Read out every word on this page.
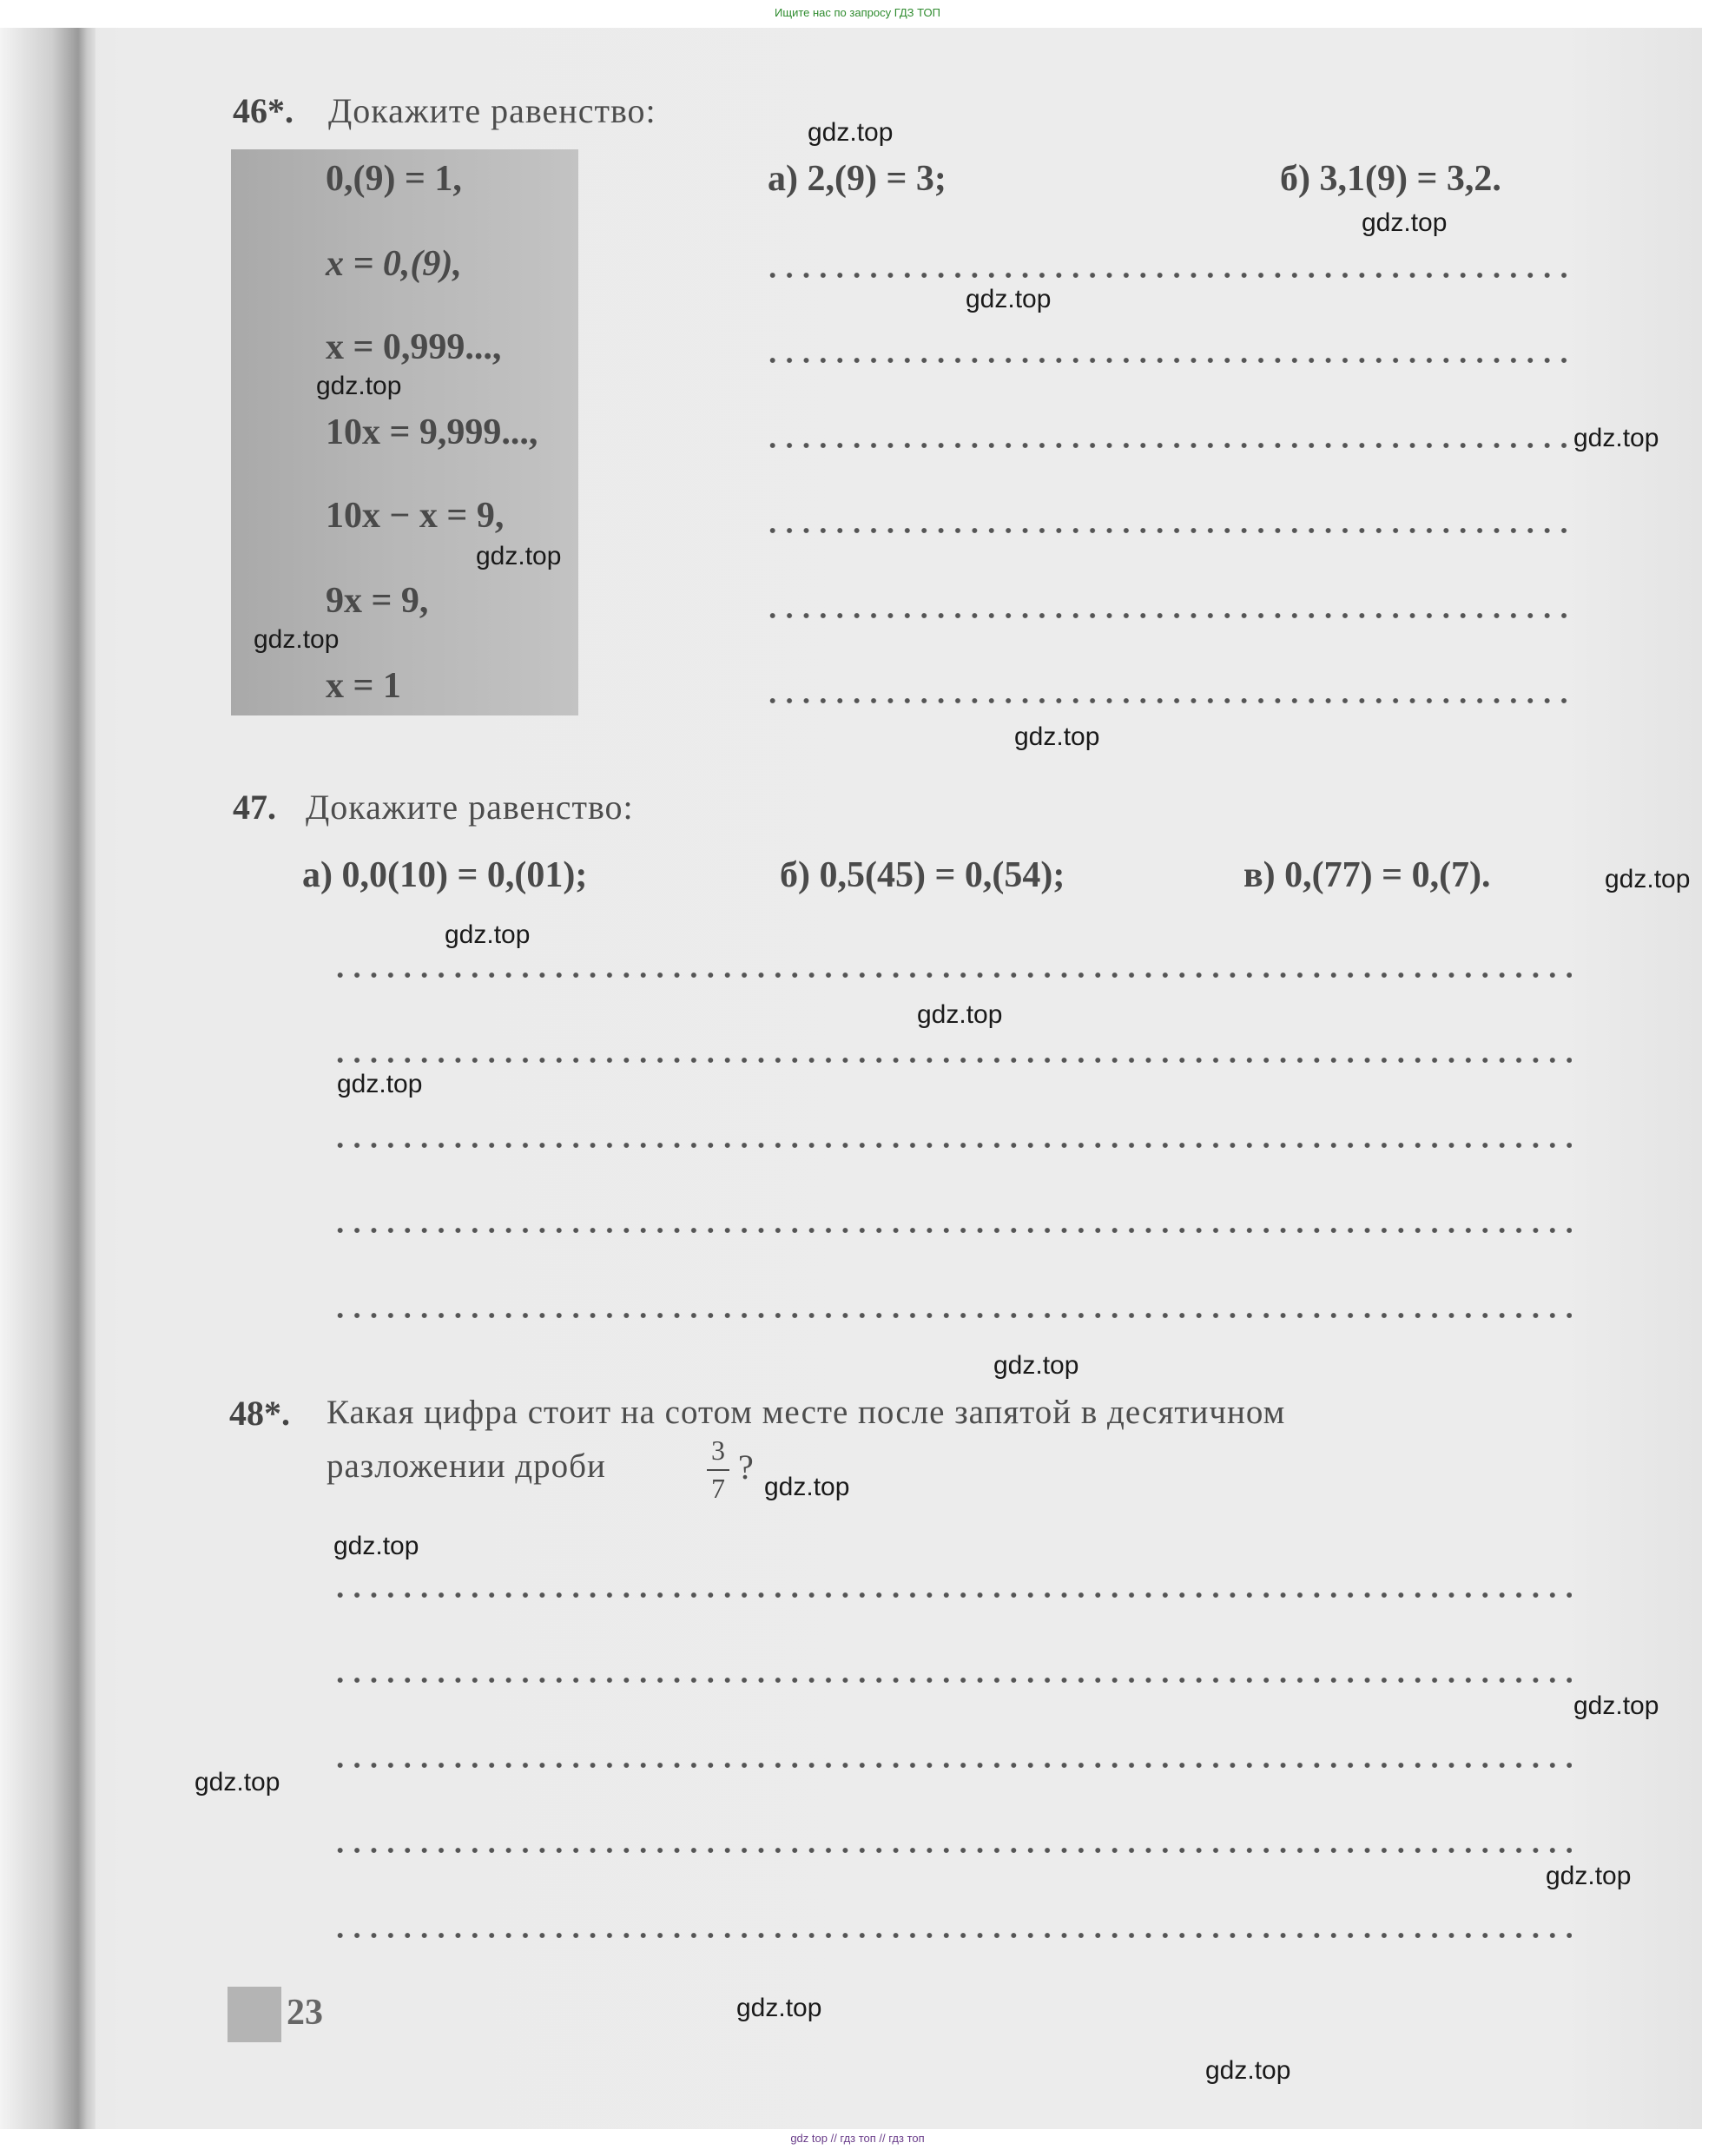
Ищите нас по запросу ГДЗ ТОП
46*. Докажите равенство:
0,(9) = 1,
x = 0,(9),
x = 0,999...,
10x = 9,999...,
10x − x = 9,
9x = 9,
x = 1
а) 2,(9) = 3;	б) 3,1(9) = 3,2.
47. Докажите равенство:
а) 0,0(10) = 0,(01);	б) 0,5(45) = 0,(54);	в) 0,(77) = 0,(7).
48*. Какая цифра стоит на сотом месте после запятой в десятичном
разложении дроби	3
7
?
23
gdz.top
gdz.top
gdz.top
gdz.top
gdz.top
gdz.top
gdz.top
gdz.top
gdz.top
gdz.top
gdz.top
gdz.top
gdz.top
gdz.top
gdz.top
gdz.top
gdz.top
gdz.top
gdz.top
gdz.top
gdz top // гдз топ // гдз топ
